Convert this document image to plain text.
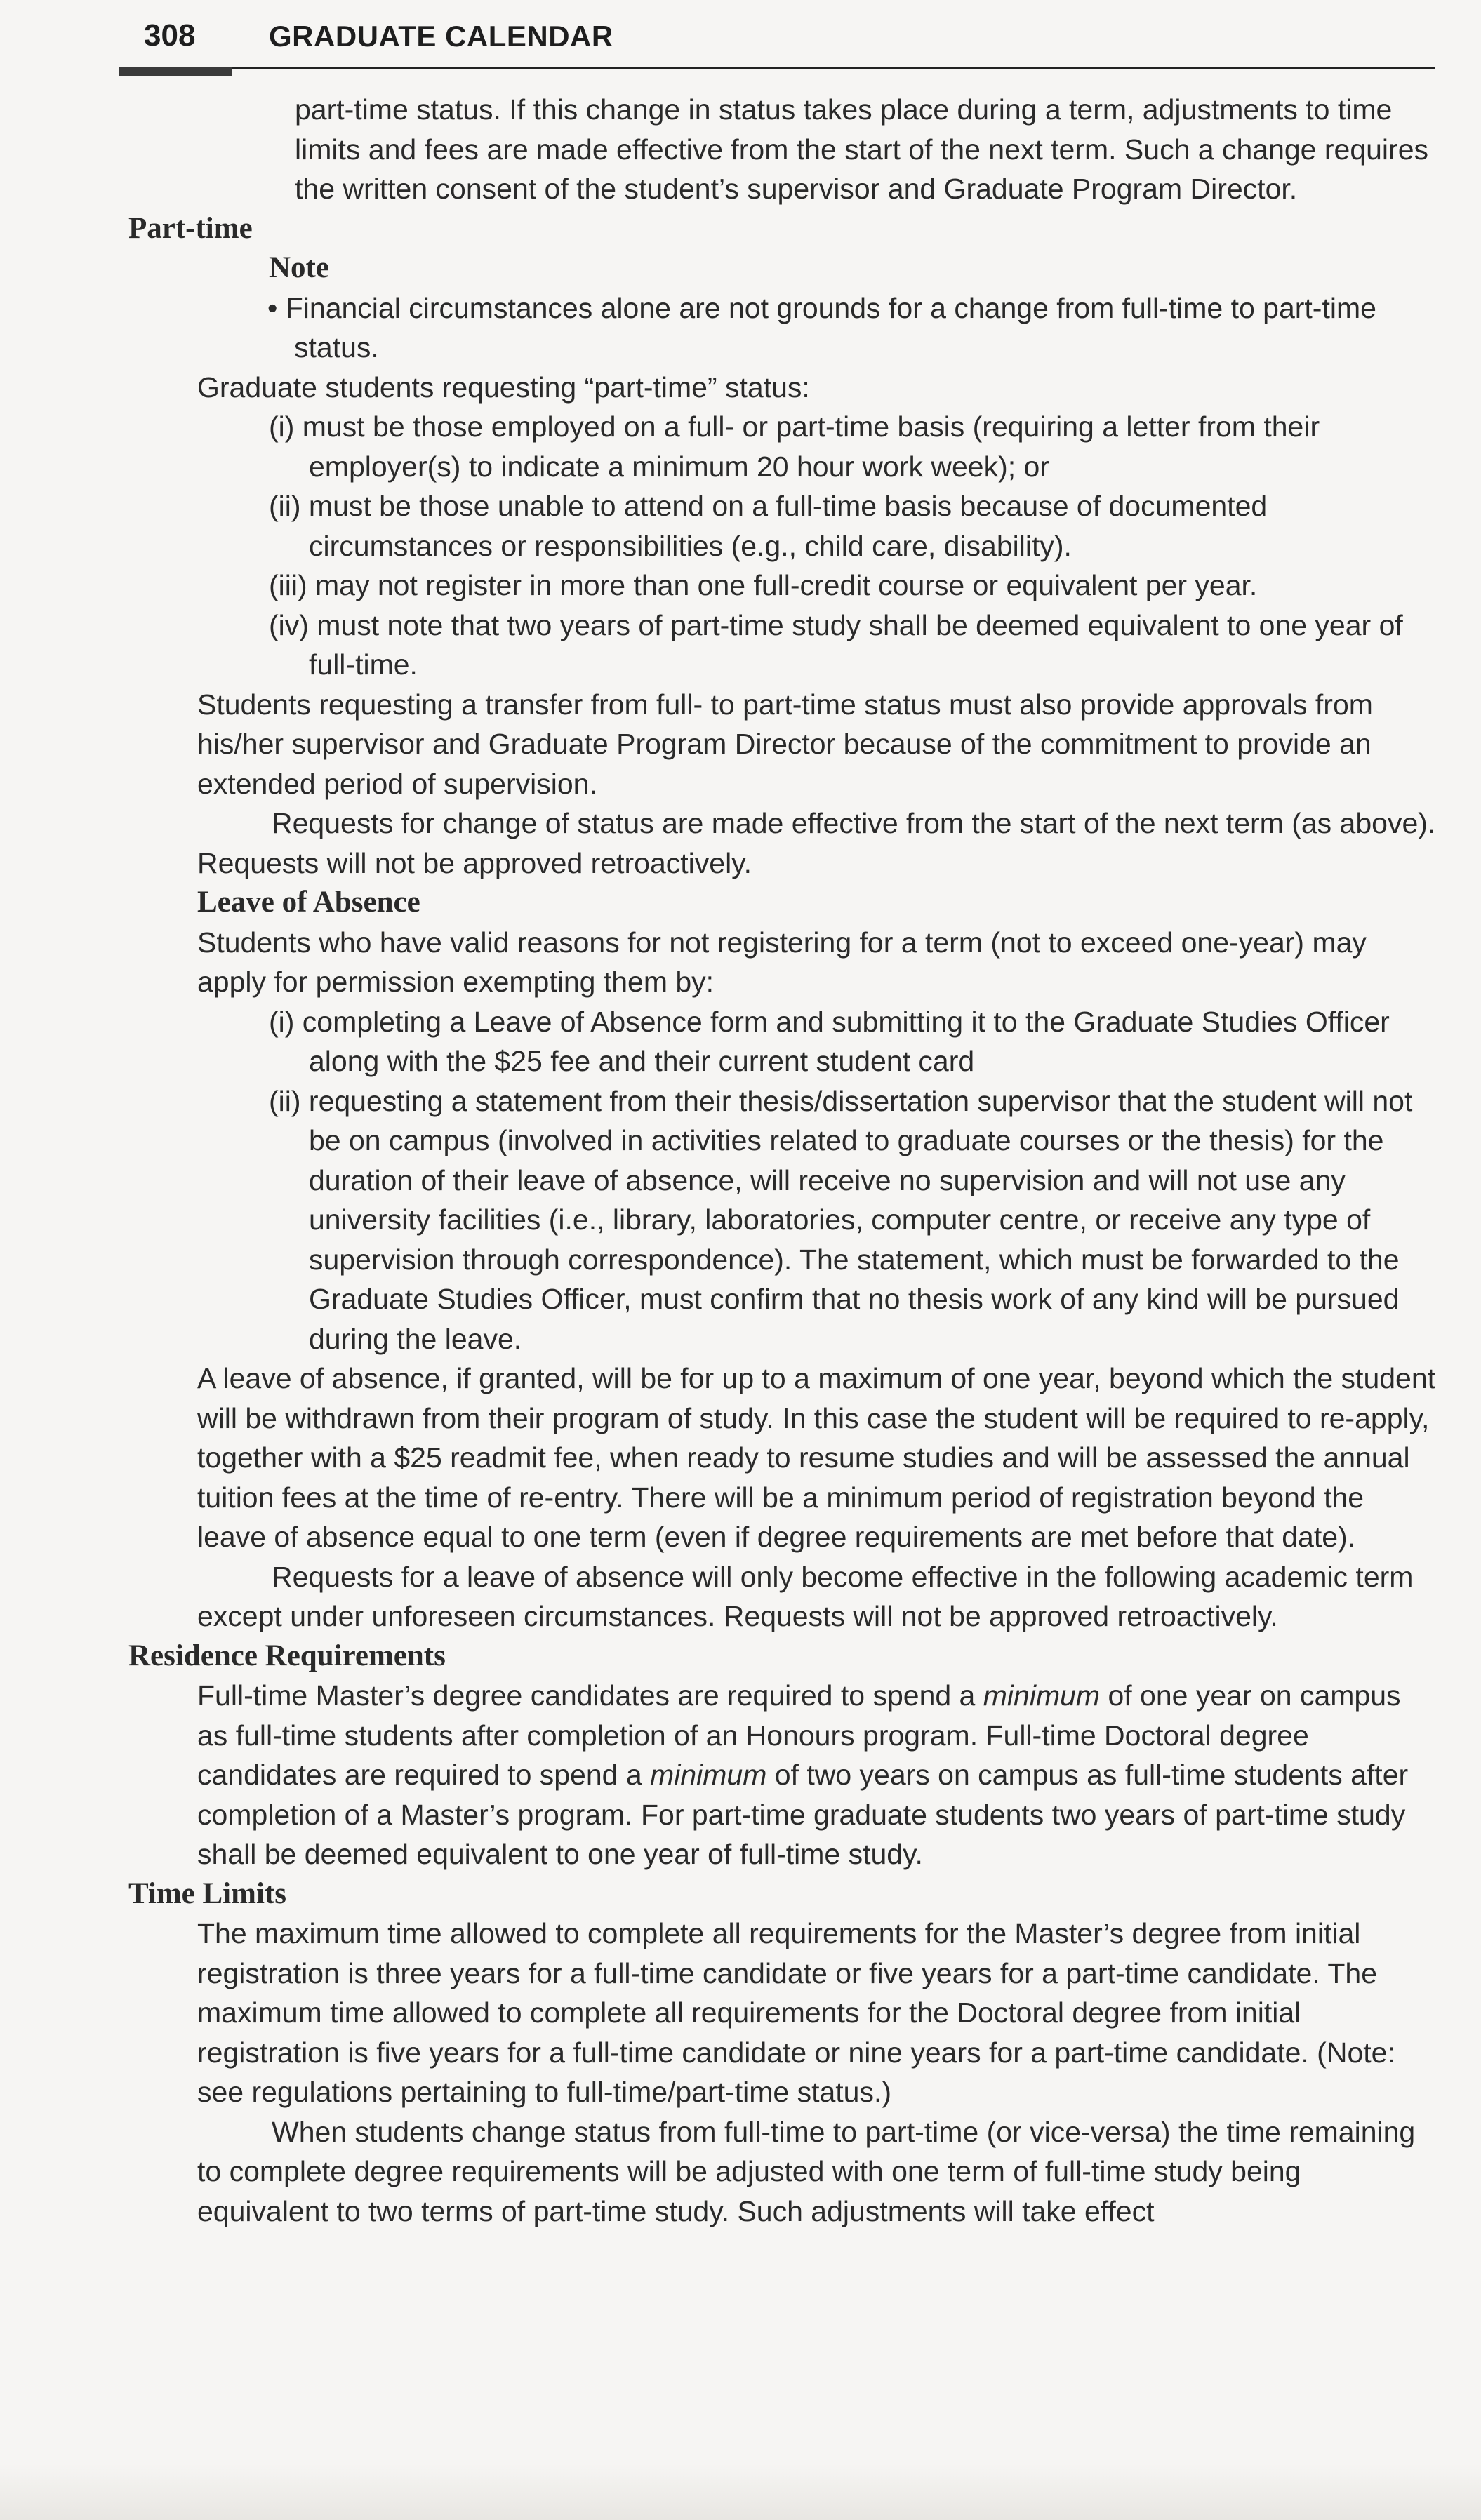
308 GRADUATE CALENDAR

part-time status. If this change in status takes place during a term, adjustments to time limits and fees are made effective from the start of the next term. Such a change requires the written consent of the student’s supervisor and Graduate Program Director.

Part-time

Note

• Financial circumstances alone are not grounds for a change from full-time to part-time status.

Graduate students requesting “part-time” status:

(i) must be those employed on a full- or part-time basis (requiring a letter from their employer(s) to indicate a minimum 20 hour work week); or

(ii) must be those unable to attend on a full-time basis because of documented circumstances or responsibilities (e.g., child care, disability).

(iii) may not register in more than one full-credit course or equivalent per year.

(iv) must note that two years of part-time study shall be deemed equivalent to one year of full-time.

Students requesting a transfer from full- to part-time status must also provide approvals from his/her supervisor and Graduate Program Director because of the commitment to provide an extended period of supervision.

Requests for change of status are made effective from the start of the next term (as above). Requests will not be approved retroactively.

Leave of Absence

Students who have valid reasons for not registering for a term (not to exceed one-year) may apply for permission exempting them by:

(i) completing a Leave of Absence form and submitting it to the Graduate Studies Officer along with the $25 fee and their current student card

(ii) requesting a statement from their thesis/dissertation supervisor that the student will not be on campus (involved in activities related to graduate courses or the thesis) for the duration of their leave of absence, will receive no supervision and will not use any university facilities (i.e., library, laboratories, computer centre, or receive any type of supervision through correspondence). The statement, which must be forwarded to the Graduate Studies Officer, must confirm that no thesis work of any kind will be pursued during the leave.

A leave of absence, if granted, will be for up to a maximum of one year, beyond which the student will be withdrawn from their program of study. In this case the student will be required to re-apply, together with a $25 readmit fee, when ready to resume studies and will be assessed the annual tuition fees at the time of re-entry. There will be a minimum period of registration beyond the leave of absence equal to one term (even if degree requirements are met before that date).

Requests for a leave of absence will only become effective in the following academic term except under unforeseen circumstances. Requests will not be approved retroactively.

Residence Requirements

Full-time Master’s degree candidates are required to spend a minimum of one year on campus as full-time students after completion of an Honours program. Full-time Doctoral degree candidates are required to spend a minimum of two years on campus as full-time students after completion of a Master’s program. For part-time graduate students two years of part-time study shall be deemed equivalent to one year of full-time study.

Time Limits

The maximum time allowed to complete all requirements for the Master’s degree from initial registration is three years for a full-time candidate or five years for a part-time candidate. The maximum time allowed to complete all requirements for the Doctoral degree from initial registration is five years for a full-time candidate or nine years for a part-time candidate. (Note: see regulations pertaining to full-time/part-time status.)

When students change status from full-time to part-time (or vice-versa) the time remaining to complete degree requirements will be adjusted with one term of full-time study being equivalent to two terms of part-time study. Such adjustments will take effect
